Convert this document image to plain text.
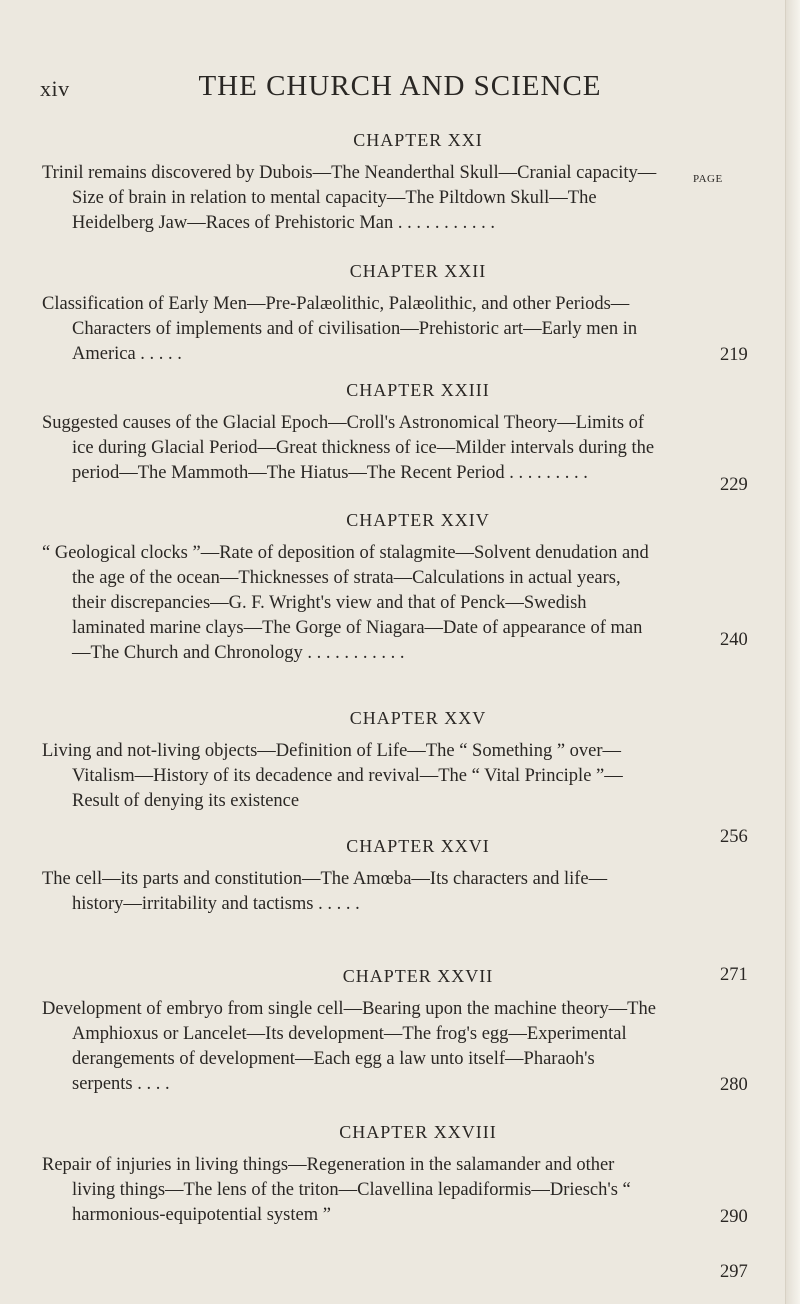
xiv	THE CHURCH AND SCIENCE
PAGE
CHAPTER XXI

Trinil remains discovered by Dubois—The Neanderthal Skull—Cranial capacity—Size of brain in relation to mental capacity—The Piltdown Skull—The Heidelberg Jaw—Races of Prehistoric Man . . . . . . . . . . .

219
CHAPTER XXII

Classification of Early Men—Pre-Palæolithic, Palæolithic, and other Periods—Characters of implements and of civilisation—Prehistoric art—Early men in America . . . . .

229
CHAPTER XXIII

Suggested causes of the Glacial Epoch—Croll's Astronomical Theory—Limits of ice during Glacial Period—Great thickness of ice—Milder intervals during the period—The Mammoth—The Hiatus—The Recent Period . . . . . . . . .

240
CHAPTER XXIV

“ Geological clocks ”—Rate of deposition of stalagmite—Solvent denudation and the age of the ocean—Thicknesses of strata—Calculations in actual years, their discrepancies—G. F. Wright's view and that of Penck—Swedish laminated marine clays—The Gorge of Niagara—Date of appearance of man—The Church and Chronology . . . . . . . . . . .

256
CHAPTER XXV

Living and not-living objects—Definition of Life—The “ Something ” over—Vitalism—History of its decadence and revival—The “ Vital Principle ”—Result of denying its existence

271
CHAPTER XXVI

The cell—its parts and constitution—The Amœba—Its characters and life—history—irritability and tactisms . . . . .

280
CHAPTER XXVII

Development of embryo from single cell—Bearing upon the machine theory—The Amphioxus or Lancelet—Its development—The frog's egg—Experimental derangements of development—Each egg a law unto itself—Pharaoh's serpents . . . .

290
CHAPTER XXVIII

Repair of injuries in living things—Regeneration in the salamander and other living things—The lens of the triton—Clavellina lepadiformis—Driesch's “ harmonious-equipotential system ”

297
